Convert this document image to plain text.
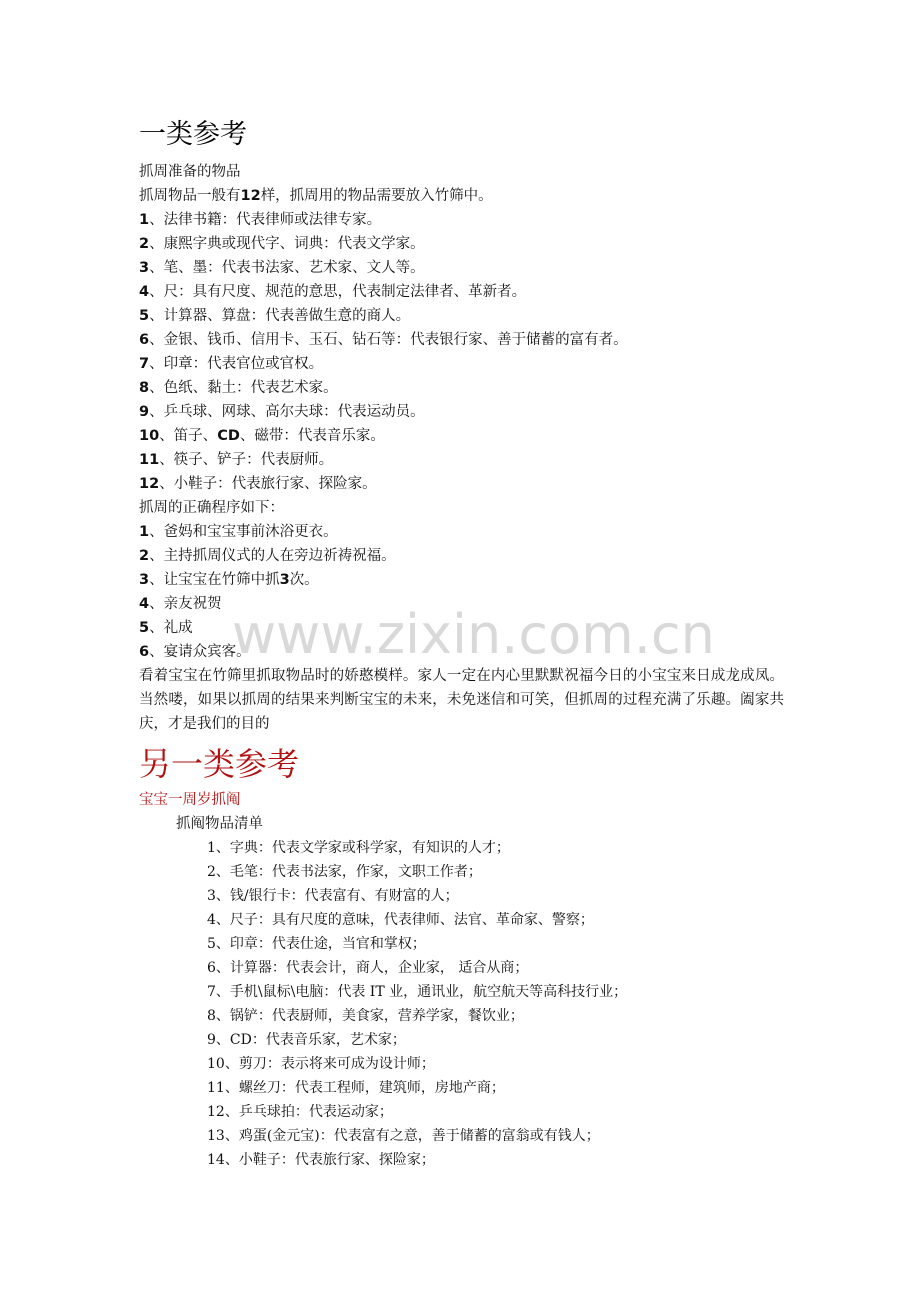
www.zixin.com.cn
一类参考
抓周准备的物品
抓周物品一般有12样，抓周用的物品需要放入竹筛中。
1、法律书籍：代表律师或法律专家。
2、康熙字典或现代字、词典：代表文学家。
3、笔、墨：代表书法家、艺术家、文人等。
4、尺：具有尺度、规范的意思，代表制定法律者、革新者。
5、计算器、算盘：代表善做生意的商人。
6、金银、钱币、信用卡、玉石、钻石等：代表银行家、善于储蓄的富有者。
7、印章：代表官位或官权。
8、色纸、黏土：代表艺术家。
9、乒乓球、网球、高尔夫球：代表运动员。
10、笛子、CD、磁带：代表音乐家。
11、筷子、铲子：代表厨师。
12、小鞋子：代表旅行家、探险家。
抓周的正确程序如下：
1、爸妈和宝宝事前沐浴更衣。
2、主持抓周仪式的人在旁边祈祷祝福。
3、让宝宝在竹筛中抓3次。
4、亲友祝贺
5、礼成
6、宴请众宾客。
看着宝宝在竹筛里抓取物品时的娇憨模样。家人一定在内心里默默祝福今日的小宝宝来日成龙成凤。当然喽，如果以抓周的结果来判断宝宝的未来，未免迷信和可笑，但抓周的过程充满了乐趣。阖家共庆，才是我们的目的
另一类参考
宝宝一周岁抓阄
抓阄物品清单
1、字典：代表文学家或科学家，有知识的人才；
2、毛笔：代表书法家，作家，文职工作者；
3、钱/银行卡：代表富有、有财富的人；
4、尺子：具有尺度的意味，代表律师、法官、革命家、警察；
5、印章：代表仕途，当官和掌权；
6、计算器：代表会计，商人，企业家， 适合从商；
7、手机\鼠标\电脑：代表 IT 业，通讯业，航空航天等高科技行业；
8、锅铲：代表厨师，美食家，营养学家，餐饮业；
9、CD：代表音乐家，艺术家；
10、剪刀：表示将来可成为设计师；
11、螺丝刀：代表工程师，建筑师，房地产商；
12、乒乓球拍：代表运动家；
13、鸡蛋(金元宝)：代表富有之意，善于储蓄的富翁或有钱人；
14、小鞋子：代表旅行家、探险家；
